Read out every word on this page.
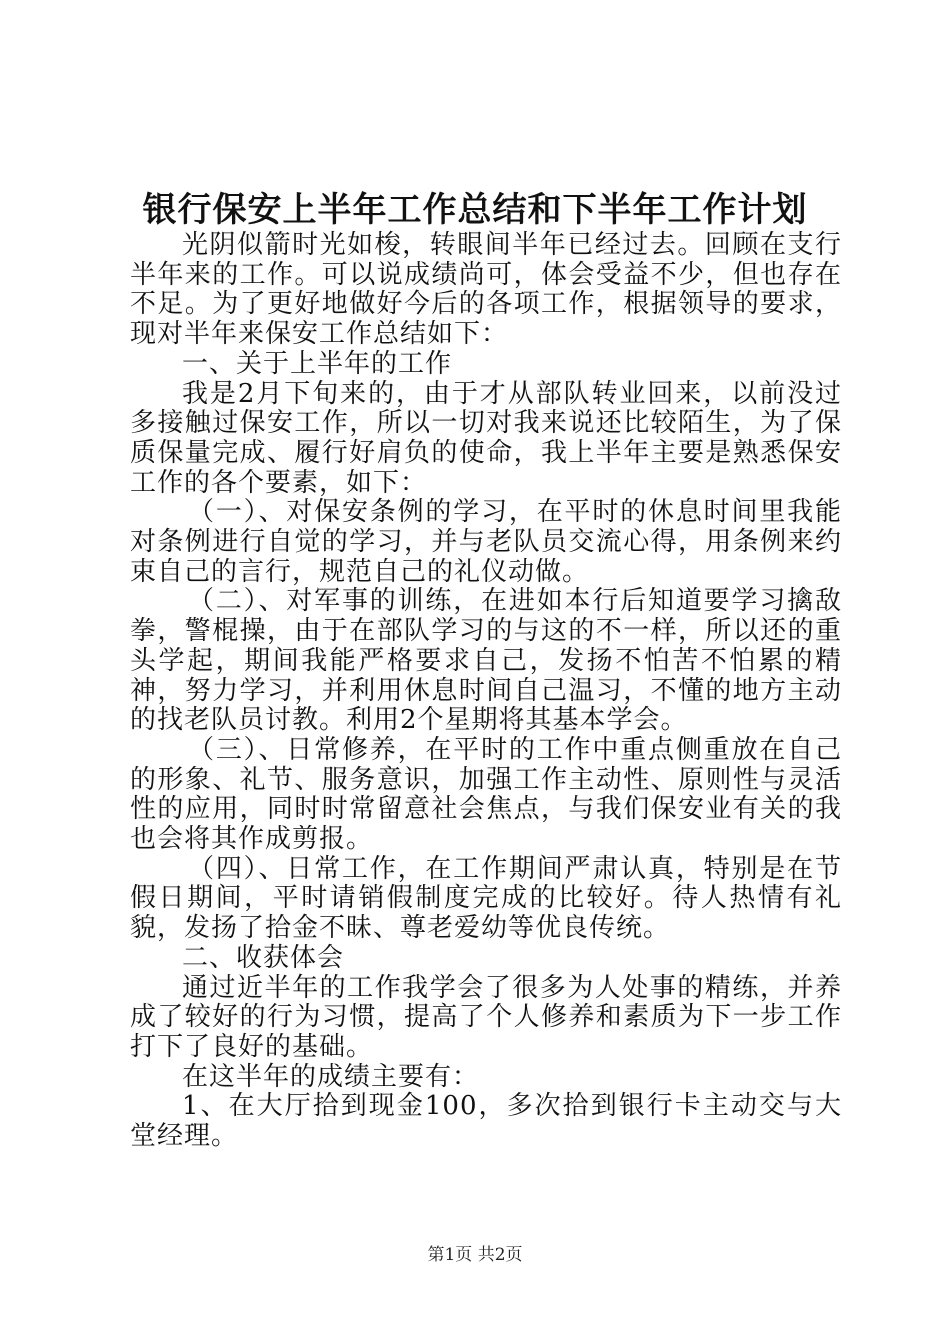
银行保安上半年工作总结和下半年工作计划

光阴似箭时光如梭，转眼间半年已经过去。回顾在支行半年来的工作。可以说成绩尚可，体会受益不少，但也存在不足。为了更好地做好今后的各项工作，根据领导的要求，现对半年来保安工作总结如下：

一、关于上半年的工作

我是2月下旬来的，由于才从部队转业回来，以前没过多接触过保安工作，所以一切对我来说还比较陌生，为了保质保量完成、履行好肩负的使命，我上半年主要是熟悉保安工作的各个要素，如下：

（一）、对保安条例的学习，在平时的休息时间里我能对条例进行自觉的学习，并与老队员交流心得，用条例来约束自己的言行，规范自己的礼仪动做。

（二）、对军事的训练，在进如本行后知道要学习擒敌拳，警棍操，由于在部队学习的与这的不一样，所以还的重头学起，期间我能严格要求自己，发扬不怕苦不怕累的精神，努力学习，并利用休息时间自己温习，不懂的地方主动的找老队员讨教。利用2个星期将其基本学会。

（三）、日常修养，在平时的工作中重点侧重放在自己的形象、礼节、服务意识，加强工作主动性、原则性与灵活性的应用，同时时常留意社会焦点，与我们保安业有关的我也会将其作成剪报。

（四）、日常工作，在工作期间严肃认真，特别是在节假日期间，平时请销假制度完成的比较好。待人热情有礼貌，发扬了拾金不昧、尊老爱幼等优良传统。

二、收获体会

通过近半年的工作我学会了很多为人处事的精练，并养成了较好的行为习惯，提高了个人修养和素质为下一步工作打下了良好的基础。

在这半年的成绩主要有：

1、在大厅拾到现金100，多次拾到银行卡主动交与大堂经理。

第1页 共2页
